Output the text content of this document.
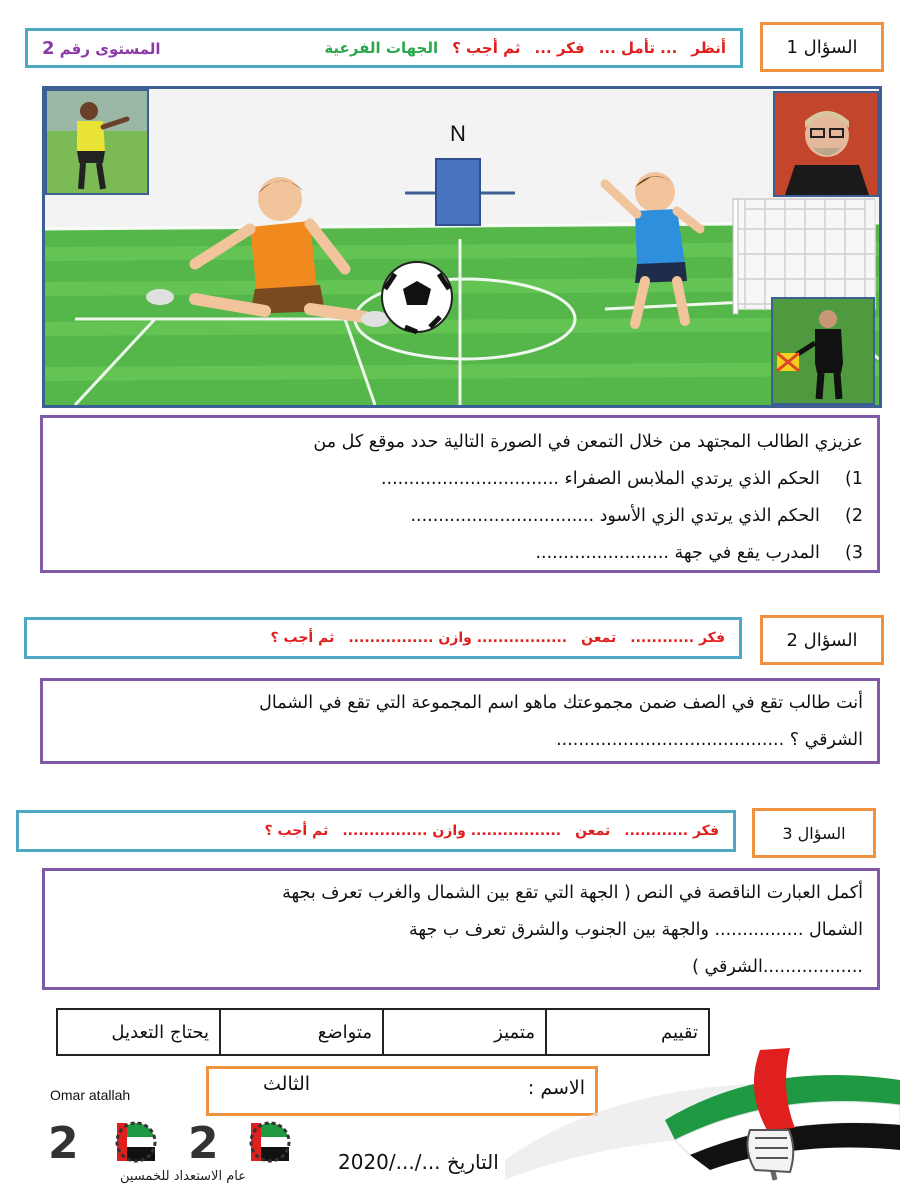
السؤال 1
أنظر
... تأمل ...
فكر ...
ثم أجب ؟
الجهات الفرعية
المستوى رقم 2
N
عزيزي الطالب المجتهد من خلال التمعن في الصورة التالية حدد موقع كل من
1)  الحكم الذي يرتدي الملابس الصفراء ................................
2)  الحكم الذي يرتدي الزي الأسود .................................
3)  المدرب يقع في جهة ........................
السؤال 2
فكر ............
تمعن
................. وازن ................
ثم أجب ؟
أنت طالب تقع في الصف ضمن مجموعتك ماهو اسم المجموعة التي تقع في الشمال
الشرقي ؟ .........................................
السؤال 3
فكر ............
تمعن
................. وازن ................
ثم أجب ؟
أكمل العبارت الناقصة في النص ( الجهة التي تقع بين الشمال والغرب تعرف بجهة
الشمال ................ والجهة بين الجنوب والشرق تعرف ب جهة
..................الشرقي )
تقييم	متميز	متواضع	يحتاج التعديل
Omar atallah	الاسم :
الثالث
التاريخ .../.../2020
2 2
عام الاستعداد للخمسين
